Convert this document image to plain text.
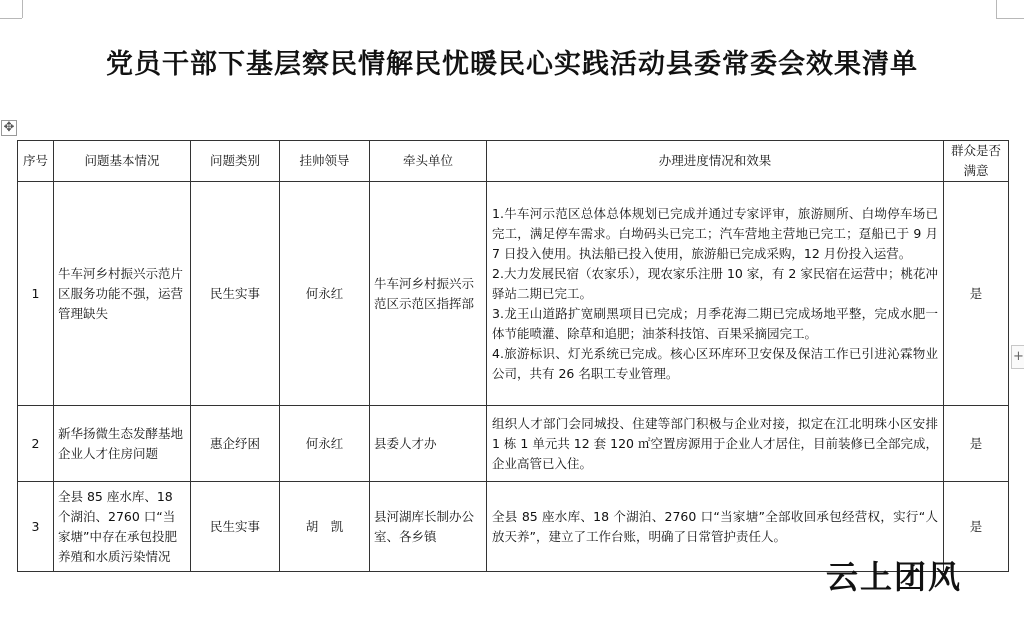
党员干部下基层察民情解民忧暖民心实践活动县委常委会效果清单
✥
+
序号	问题基本情况	问题类别	挂帅领导	牵头单位	办理进度情况和效果	群众是否满意
1	牛车河乡村振兴示范片区服务功能不强，运营管理缺失	民生实事	何永红	牛车河乡村振兴示范区示范区指挥部	1.牛车河示范区总体总体规划已完成并通过专家评审，旅游厕所、白坳停车场已完工，满足停车需求。白坳码头已完工；汽车营地主营地已完工；趸船已于 9 月 7 日投入使用。执法船已投入使用，旅游船已完成采购，12 月份投入运营。
2.大力发展民宿（农家乐），现农家乐注册 10 家，有 2 家民宿在运营中；桃花冲驿站二期已完工。
3.龙王山道路扩宽刷黑项目已完成；月季花海二期已完成场地平整，完成水肥一体节能喷灌、除草和追肥；油茶科技馆、百果采摘园完工。
4.旅游标识、灯光系统已完成。核心区环库环卫安保及保洁工作已引进沁霖物业公司，共有 26 名职工专业管理。	是
2	新华扬微生态发酵基地企业人才住房问题	惠企纾困	何永红	县委人才办	组织人才部门会同城投、住建等部门积极与企业对接，拟定在江北明珠小区安排 1 栋 1 单元共 12 套 120 ㎡空置房源用于企业人才居住，目前装修已全部完成，企业高管已入住。	是
3	全县 85 座水库、18 个湖泊、2760 口“当家塘”中存在承包投肥养殖和水质污染情况	民生实事	胡　凯	县河湖库长制办公室、各乡镇	全县 85 座水库、18 个湖泊、2760 口“当家塘”全部收回承包经营权，实行“人放天养”，建立了工作台账，明确了日常管护责任人。	是
云上团风
